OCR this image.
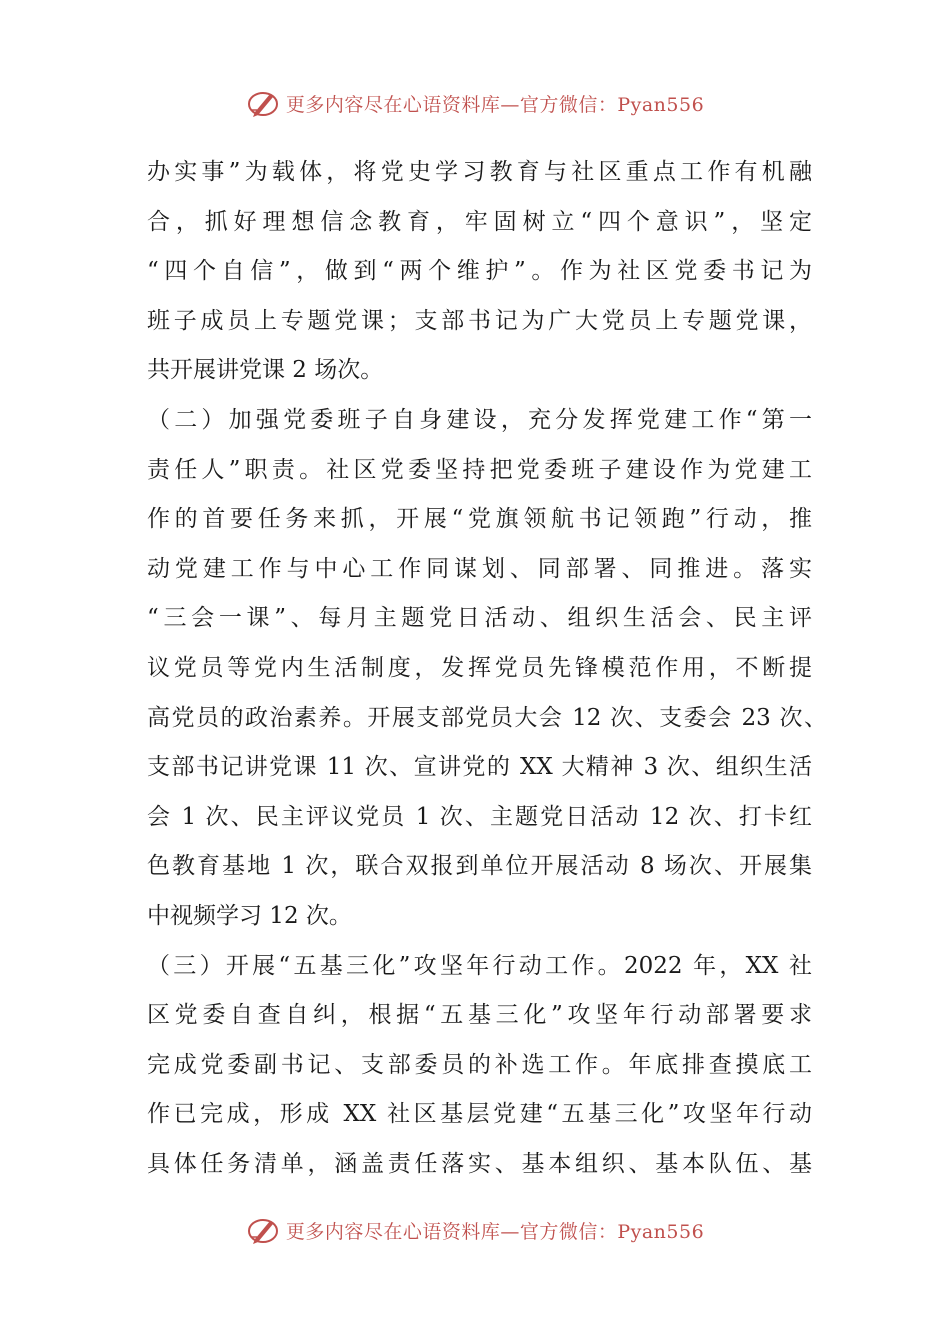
更多内容尽在心语资料库—官方微信：Pyan556
办实事”为载体，将党史学习教育与社区重点工作有机融
合，抓好理想信念教育，牢固树立“四个意识”，坚定
“四个自信”，做到“两个维护”。作为社区党委书记为
班子成员上专题党课；支部书记为广大党员上专题党课，
共开展讲党课 2 场次。
（二）加强党委班子自身建设，充分发挥党建工作“第一
责任人”职责。社区党委坚持把党委班子建设作为党建工
作的首要任务来抓，开展“党旗领航书记领跑”行动，推
动党建工作与中心工作同谋划、同部署、同推进。落实
“三会一课”、每月主题党日活动、组织生活会、民主评
议党员等党内生活制度，发挥党员先锋模范作用，不断提
高党员的政治素养。开展支部党员大会 12 次、支委会 23 次、
支部书记讲党课 11 次、宣讲党的 XX 大精神 3 次、组织生活
会 1 次、民主评议党员 1 次、主题党日活动 12 次、打卡红
色教育基地 1 次，联合双报到单位开展活动 8 场次、开展集
中视频学习 12 次。
（三）开展“五基三化”攻坚年行动工作。2022 年，XX 社
区党委自查自纠，根据“五基三化”攻坚年行动部署要求
完成党委副书记、支部委员的补选工作。年底排查摸底工
作已完成，形成 XX 社区基层党建“五基三化”攻坚年行动
具体任务清单，涵盖责任落实、基本组织、基本队伍、基
更多内容尽在心语资料库—官方微信：Pyan556
